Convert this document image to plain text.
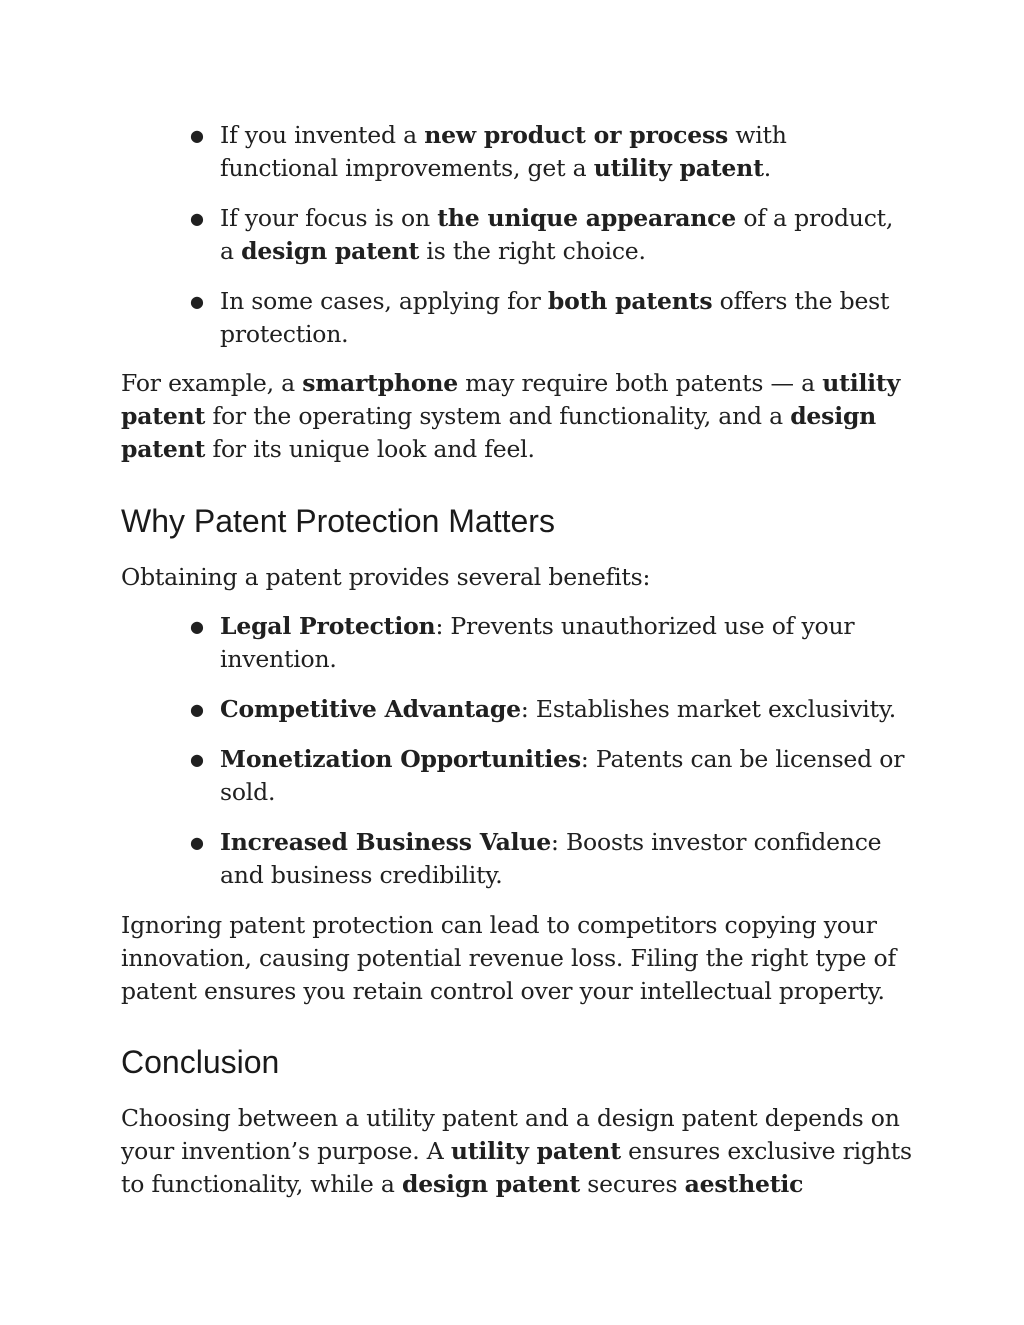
● If you invented a new product or process with functional improvements, get a utility patent.
● If your focus is on the unique appearance of a product, a design patent is the right choice.
● In some cases, applying for both patents offers the best protection.

For example, a smartphone may require both patents — a utility patent for the operating system and functionality, and a design patent for its unique look and feel.

Why Patent Protection Matters

Obtaining a patent provides several benefits:

● Legal Protection: Prevents unauthorized use of your invention.
● Competitive Advantage: Establishes market exclusivity.
● Monetization Opportunities: Patents can be licensed or sold.
● Increased Business Value: Boosts investor confidence and business credibility.

Ignoring patent protection can lead to competitors copying your innovation, causing potential revenue loss. Filing the right type of patent ensures you retain control over your intellectual property.

Conclusion

Choosing between a utility patent and a design patent depends on your invention’s purpose. A utility patent ensures exclusive rights to functionality, while a design patent secures aesthetic
